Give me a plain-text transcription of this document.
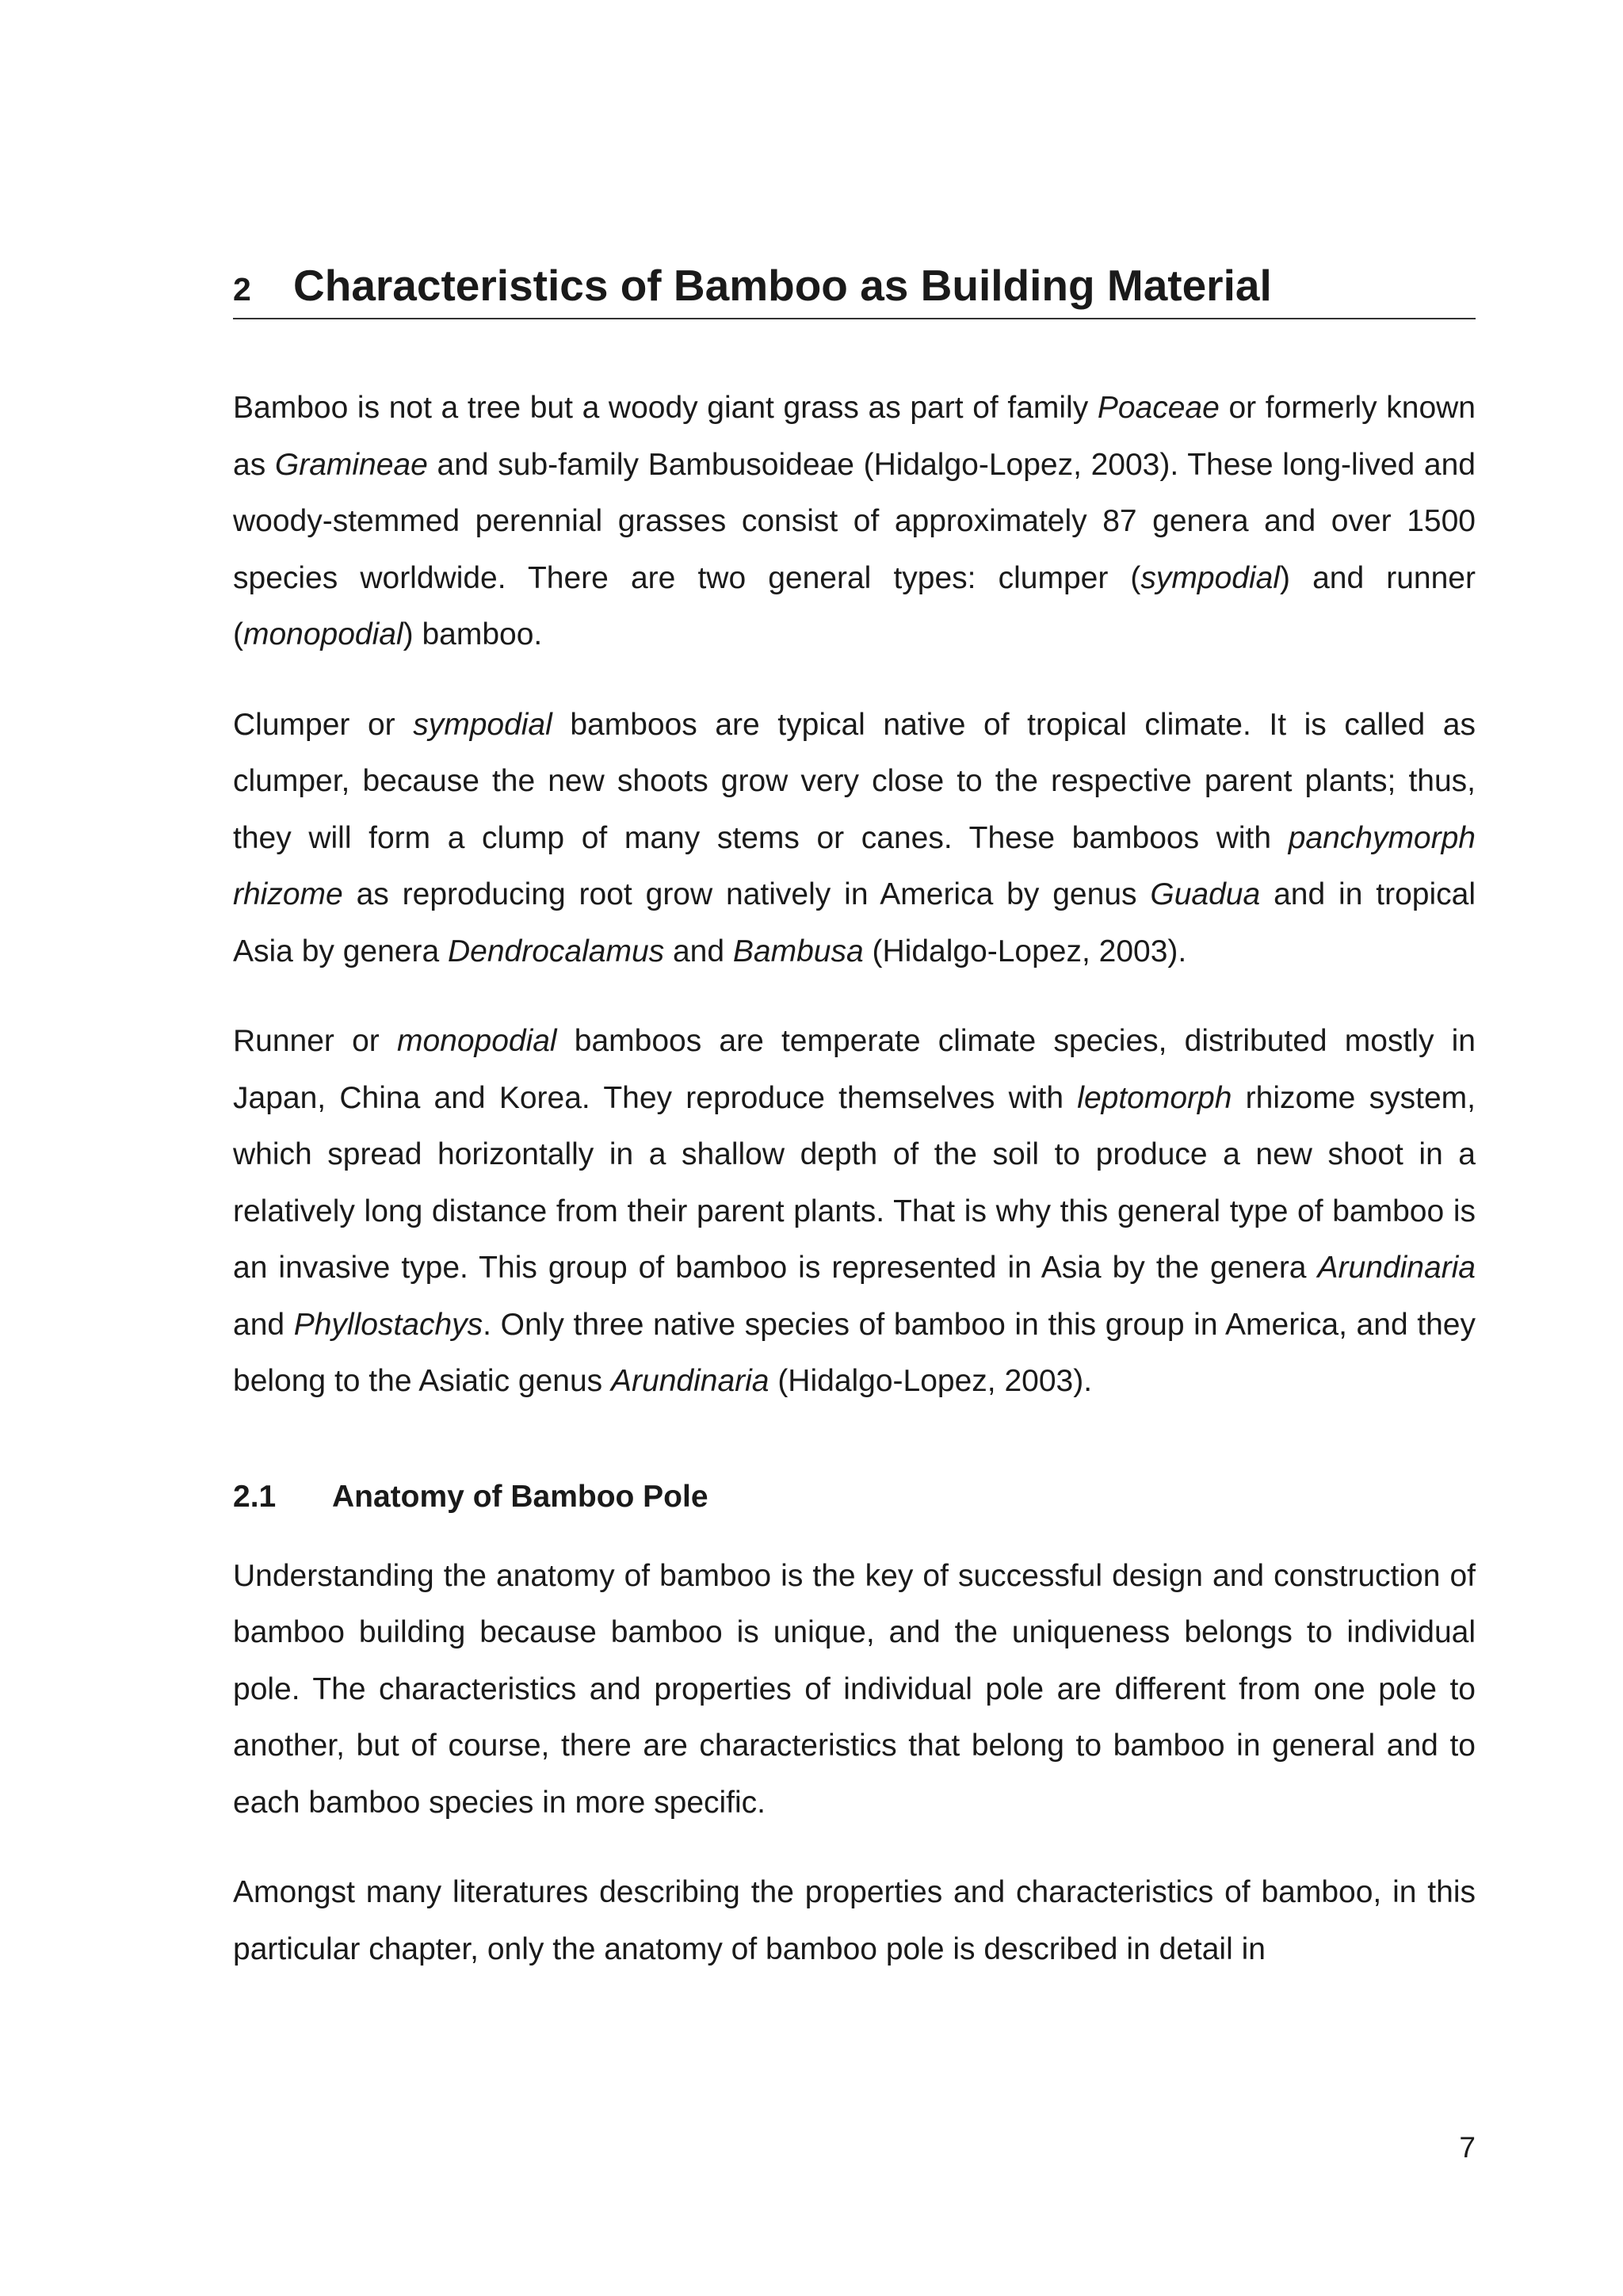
2 Characteristics of Bamboo as Building Material

Bamboo is not a tree but a woody giant grass as part of family Poaceae or formerly known as Gramineae and sub-family Bambusoideae (Hidalgo-Lopez, 2003). These long-lived and woody-stemmed perennial grasses consist of approximately 87 genera and over 1500 species worldwide. There are two general types: clumper (sympodial) and runner (monopodial) bamboo.

Clumper or sympodial bamboos are typical native of tropical climate. It is called as clumper, because the new shoots grow very close to the respective parent plants; thus, they will form a clump of many stems or canes. These bamboos with panchymorph rhizome as reproducing root grow natively in America by genus Guadua and in tropical Asia by genera Dendrocalamus and Bambusa (Hidalgo-Lopez, 2003).

Runner or monopodial bamboos are temperate climate species, distributed mostly in Japan, China and Korea. They reproduce themselves with leptomorph rhizome system, which spread horizontally in a shallow depth of the soil to produce a new shoot in a relatively long distance from their parent plants. That is why this general type of bamboo is an invasive type. This group of bamboo is represented in Asia by the genera Arundinaria and Phyllostachys. Only three native species of bamboo in this group in America, and they belong to the Asiatic genus Arundinaria (Hidalgo-Lopez, 2003).

2.1	Anatomy of Bamboo Pole

Understanding the anatomy of bamboo is the key of successful design and construction of bamboo building because bamboo is unique, and the uniqueness belongs to individual pole. The characteristics and properties of individual pole are different from one pole to another, but of course, there are characteristics that belong to bamboo in general and to each bamboo species in more specific.

Amongst many literatures describing the properties and characteristics of bamboo, in this particular chapter, only the anatomy of bamboo pole is described in detail in

7
